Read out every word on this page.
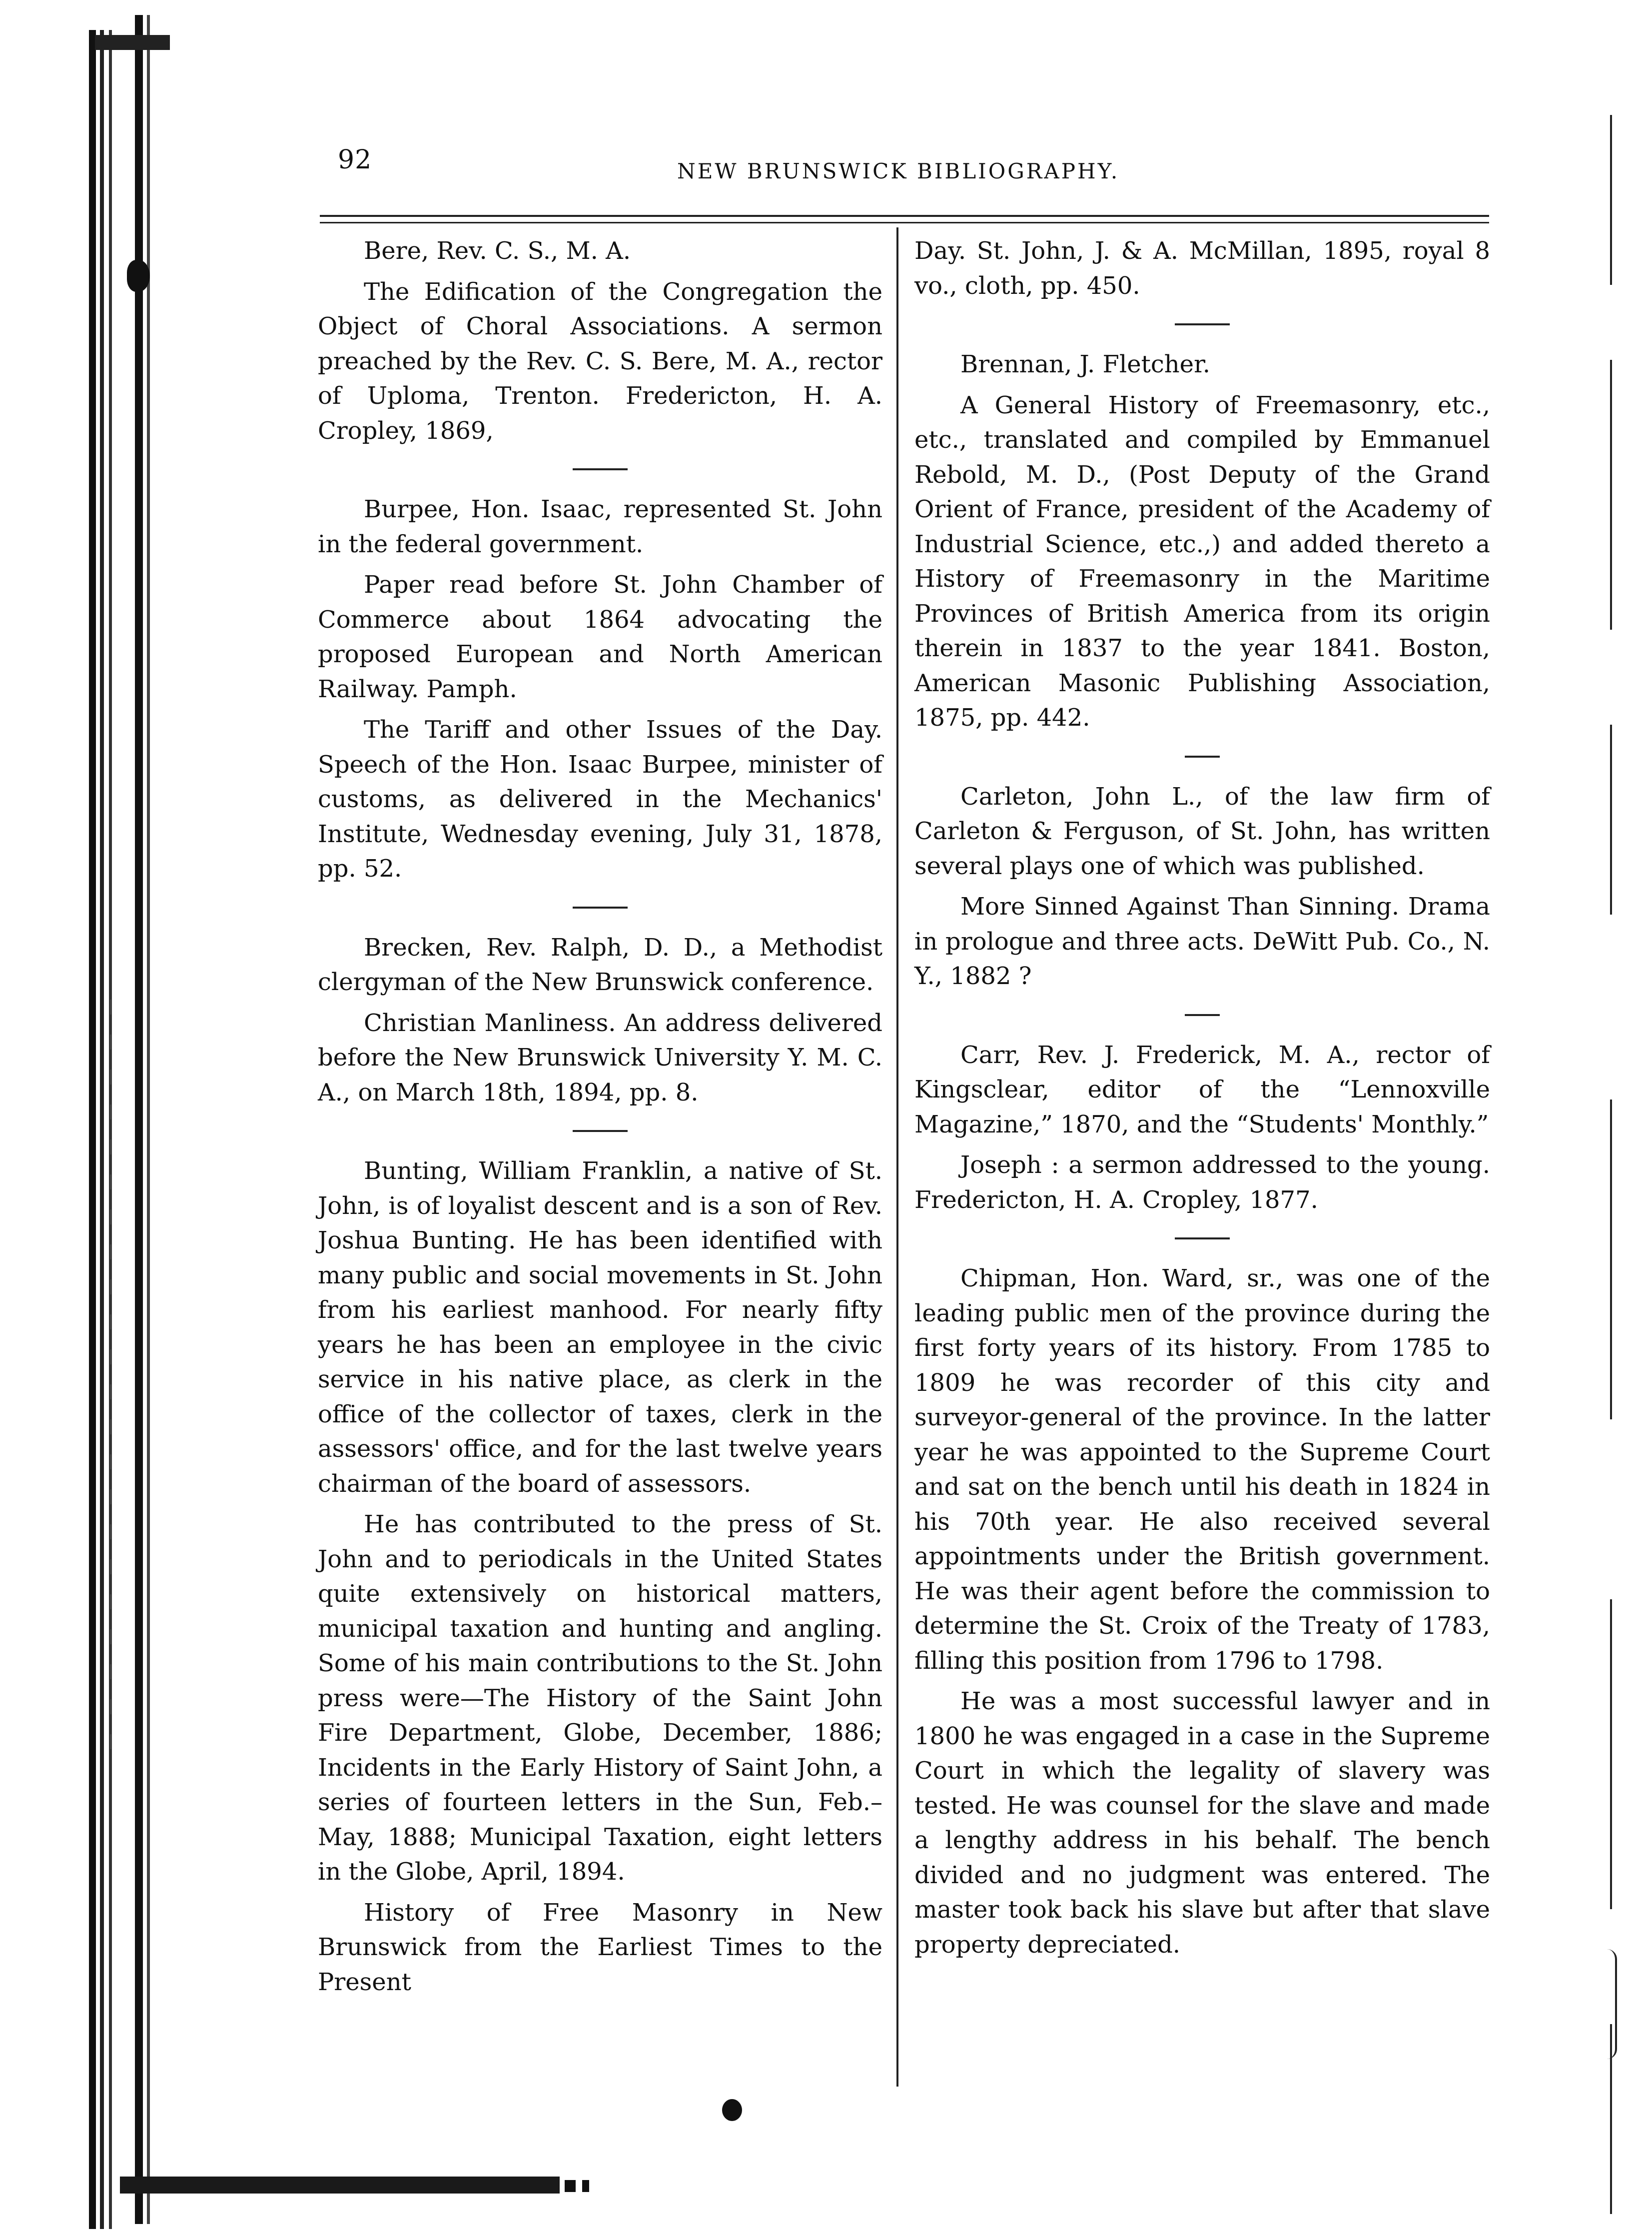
92	NEW BRUNSWICK BIBLIOGRAPHY.

Bere, Rev. C. S., M. A.

The Edification of the Congregation the Object of Choral Associations. A sermon preached by the Rev. C. S. Bere, M. A., rector of Uploma, Trenton. Fredericton, H. A. Cropley, 1869,

Burpee, Hon. Isaac, represented St. John in the federal government.

Paper read before St. John Chamber of Commerce about 1864 advocating the proposed European and North American Railway. Pamph.

The Tariff and other Issues of the Day. Speech of the Hon. Isaac Burpee, minister of customs, as delivered in the Mechanics' Institute, Wednesday evening, July 31, 1878, pp. 52.

Brecken, Rev. Ralph, D. D., a Methodist clergyman of the New Brunswick conference.

Christian Manliness. An address delivered before the New Brunswick University Y. M. C. A., on March 18th, 1894, pp. 8.

Bunting, William Franklin, a native of St. John, is of loyalist descent and is a son of Rev. Joshua Bunting. He has been identified with many public and social movements in St. John from his earliest manhood. For nearly fifty years he has been an employee in the civic service in his native place, as clerk in the office of the collector of taxes, clerk in the assessors' office, and for the last twelve years chairman of the board of assessors.

He has contributed to the press of St. John and to periodicals in the United States quite extensively on historical matters, municipal taxation and hunting and angling. Some of his main contributions to the St. John press were—The History of the Saint John Fire Department, Globe, December, 1886; Incidents in the Early History of Saint John, a series of fourteen letters in the Sun, Feb.–May, 1888; Municipal Taxation, eight letters in the Globe, April, 1894.

History of Free Masonry in New Brunswick from the Earliest Times to the Present

Day. St. John, J. & A. McMillan, 1895, royal 8 vo., cloth, pp. 450.

Brennan, J. Fletcher.

A General History of Freemasonry, etc., etc., translated and compiled by Emmanuel Rebold, M. D., (Post Deputy of the Grand Orient of France, president of the Academy of Industrial Science, etc.,) and added thereto a History of Freemasonry in the Maritime Provinces of British America from its origin therein in 1837 to the year 1841. Boston, American Masonic Publishing Association, 1875, pp. 442.

Carleton, John L., of the law firm of Carleton & Ferguson, of St. John, has written several plays one of which was published.

More Sinned Against Than Sinning. Drama in prologue and three acts. DeWitt Pub. Co., N. Y., 1882 ?

Carr, Rev. J. Frederick, M. A., rector of Kingsclear, editor of the “Lennoxville Magazine,” 1870, and the “Students' Monthly.”

Joseph : a sermon addressed to the young. Fredericton, H. A. Cropley, 1877.

Chipman, Hon. Ward, sr., was one of the leading public men of the province during the first forty years of its history. From 1785 to 1809 he was recorder of this city and surveyor-general of the province. In the latter year he was appointed to the Supreme Court and sat on the bench until his death in 1824 in his 70th year. He also received several appointments under the British government. He was their agent before the commission to determine the St. Croix of the Treaty of 1783, filling this position from 1796 to 1798.

He was a most successful lawyer and in 1800 he was engaged in a case in the Supreme Court in which the legality of slavery was tested. He was counsel for the slave and made a lengthy address in his behalf. The bench divided and no judgment was entered. The master took back his slave but after that slave property depreciated.
